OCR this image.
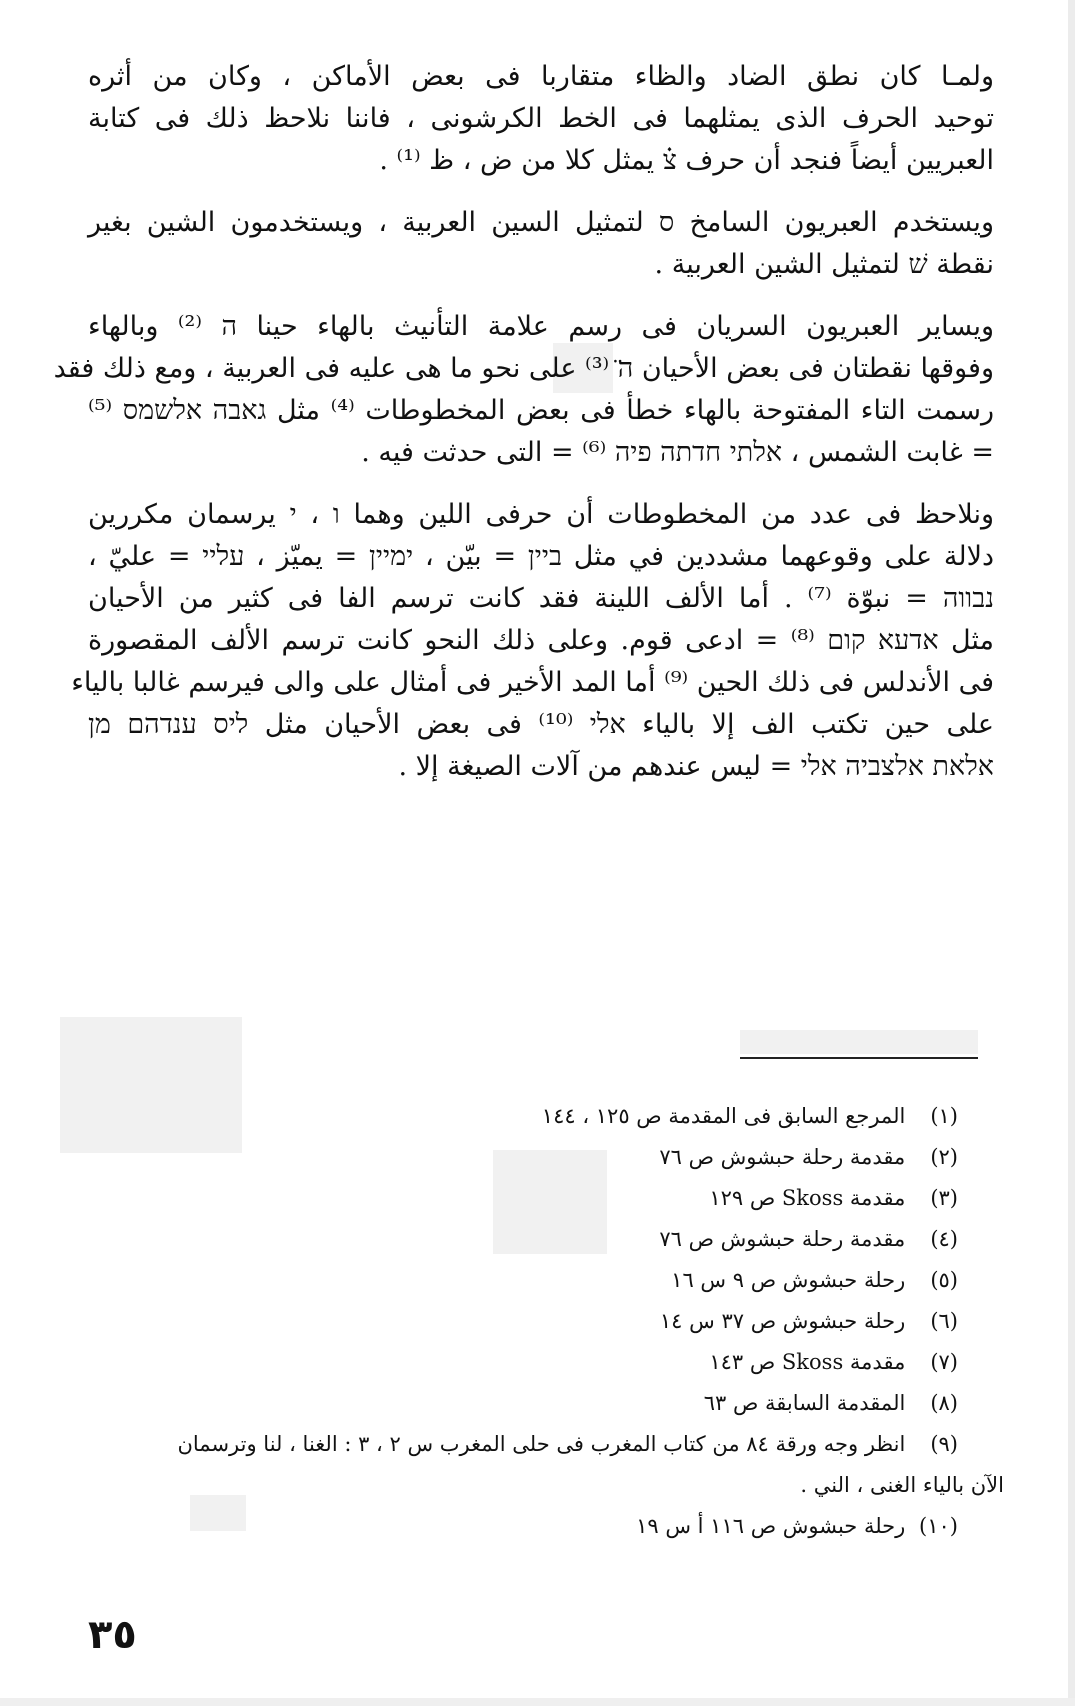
ولمـا كان نطق الضاد والظاء متقاربا فى بعض الأماكن ، وكان من أثره
توحيد الحرف الذى يمثلهما فى الخط الكرشونى ، فاننا نلاحظ ذلك فى كتابة
العبريين أيضاً فنجد أن حرف צ֗ يمثل كلا من ض ، ظ ⁽¹⁾ .

ويستخدم العبريون السامخ ס لتمثيل السين العربية ، ويستخدمون الشين بغير
نقطة שׁ لتمثيل الشين العربية .

ويساير العبريون السريان فى رسم علامة التأنيث بالهاء حينا ה ⁽²⁾ وبالهاء
وفوقها نقطتان فى بعض الأحيان ה̈ ⁽³⁾ على نحو ما هى عليه فى العربية ، ومع ذلك فقد
رسمت التاء المفتوحة بالهاء خطأ فى بعض المخطوطات ⁽⁴⁾ مثل גאבה אלשמס ⁽⁵⁾
= غابت الشمس ، אלתי חדתה פיה ⁽⁶⁾ = التى حدثت فيه .

ونلاحظ فى عدد من المخطوطات أن حرفى اللين وهما ו ، י يرسمان مكررين
دلالة على وقوعهما مشددين في مثل ביין = بيّن ، ימיין = يميّز ، עליי = عليّ ،
נבווה = نبوّة ⁽⁷⁾ . أما الألف اللينة فقد كانت ترسم الفا فى كثير من الأحيان
مثل אדעא קום ⁽⁸⁾ = ادعى قوم. وعلى ذلك النحو كانت ترسم الألف المقصورة
فى الأندلس فى ذلك الحين ⁽⁹⁾ أما المد الأخير فى أمثال على والى فيرسم غالبا بالياء
على حين تكتب الف إلا بالياء אלי ⁽¹⁰⁾ فى بعض الأحيان مثل ליס ענדהם מן
אלאת אלצביה אלי = ليس عندهم من آلات الصيغة إلا .

(١) المرجع السابق فى المقدمة ص ١٢٥ ، ١٤٤
(٢) مقدمة رحلة حبشوش ص ٧٦
(٣) مقدمة Skoss ص ١٢٩
(٤) مقدمة رحلة حبشوش ص ٧٦
(٥) رحلة حبشوش ص ٩ س ١٦
(٦) رحلة حبشوش ص ٣٧ س ١٤
(٧) مقدمة Skoss ص ١٤٣
(٨) المقدمة السابقة ص ٦٣
(٩) انظر وجه ورقة ٨٤ من كتاب المغرب فى حلى المغرب س ٢ ، ٣ : الغنا ، لنا وترسمان
الآن بالياء الغنى ، الني .
(١٠) رحلة حبشوش ص ١١٦ أ س ١٩
٣٥
